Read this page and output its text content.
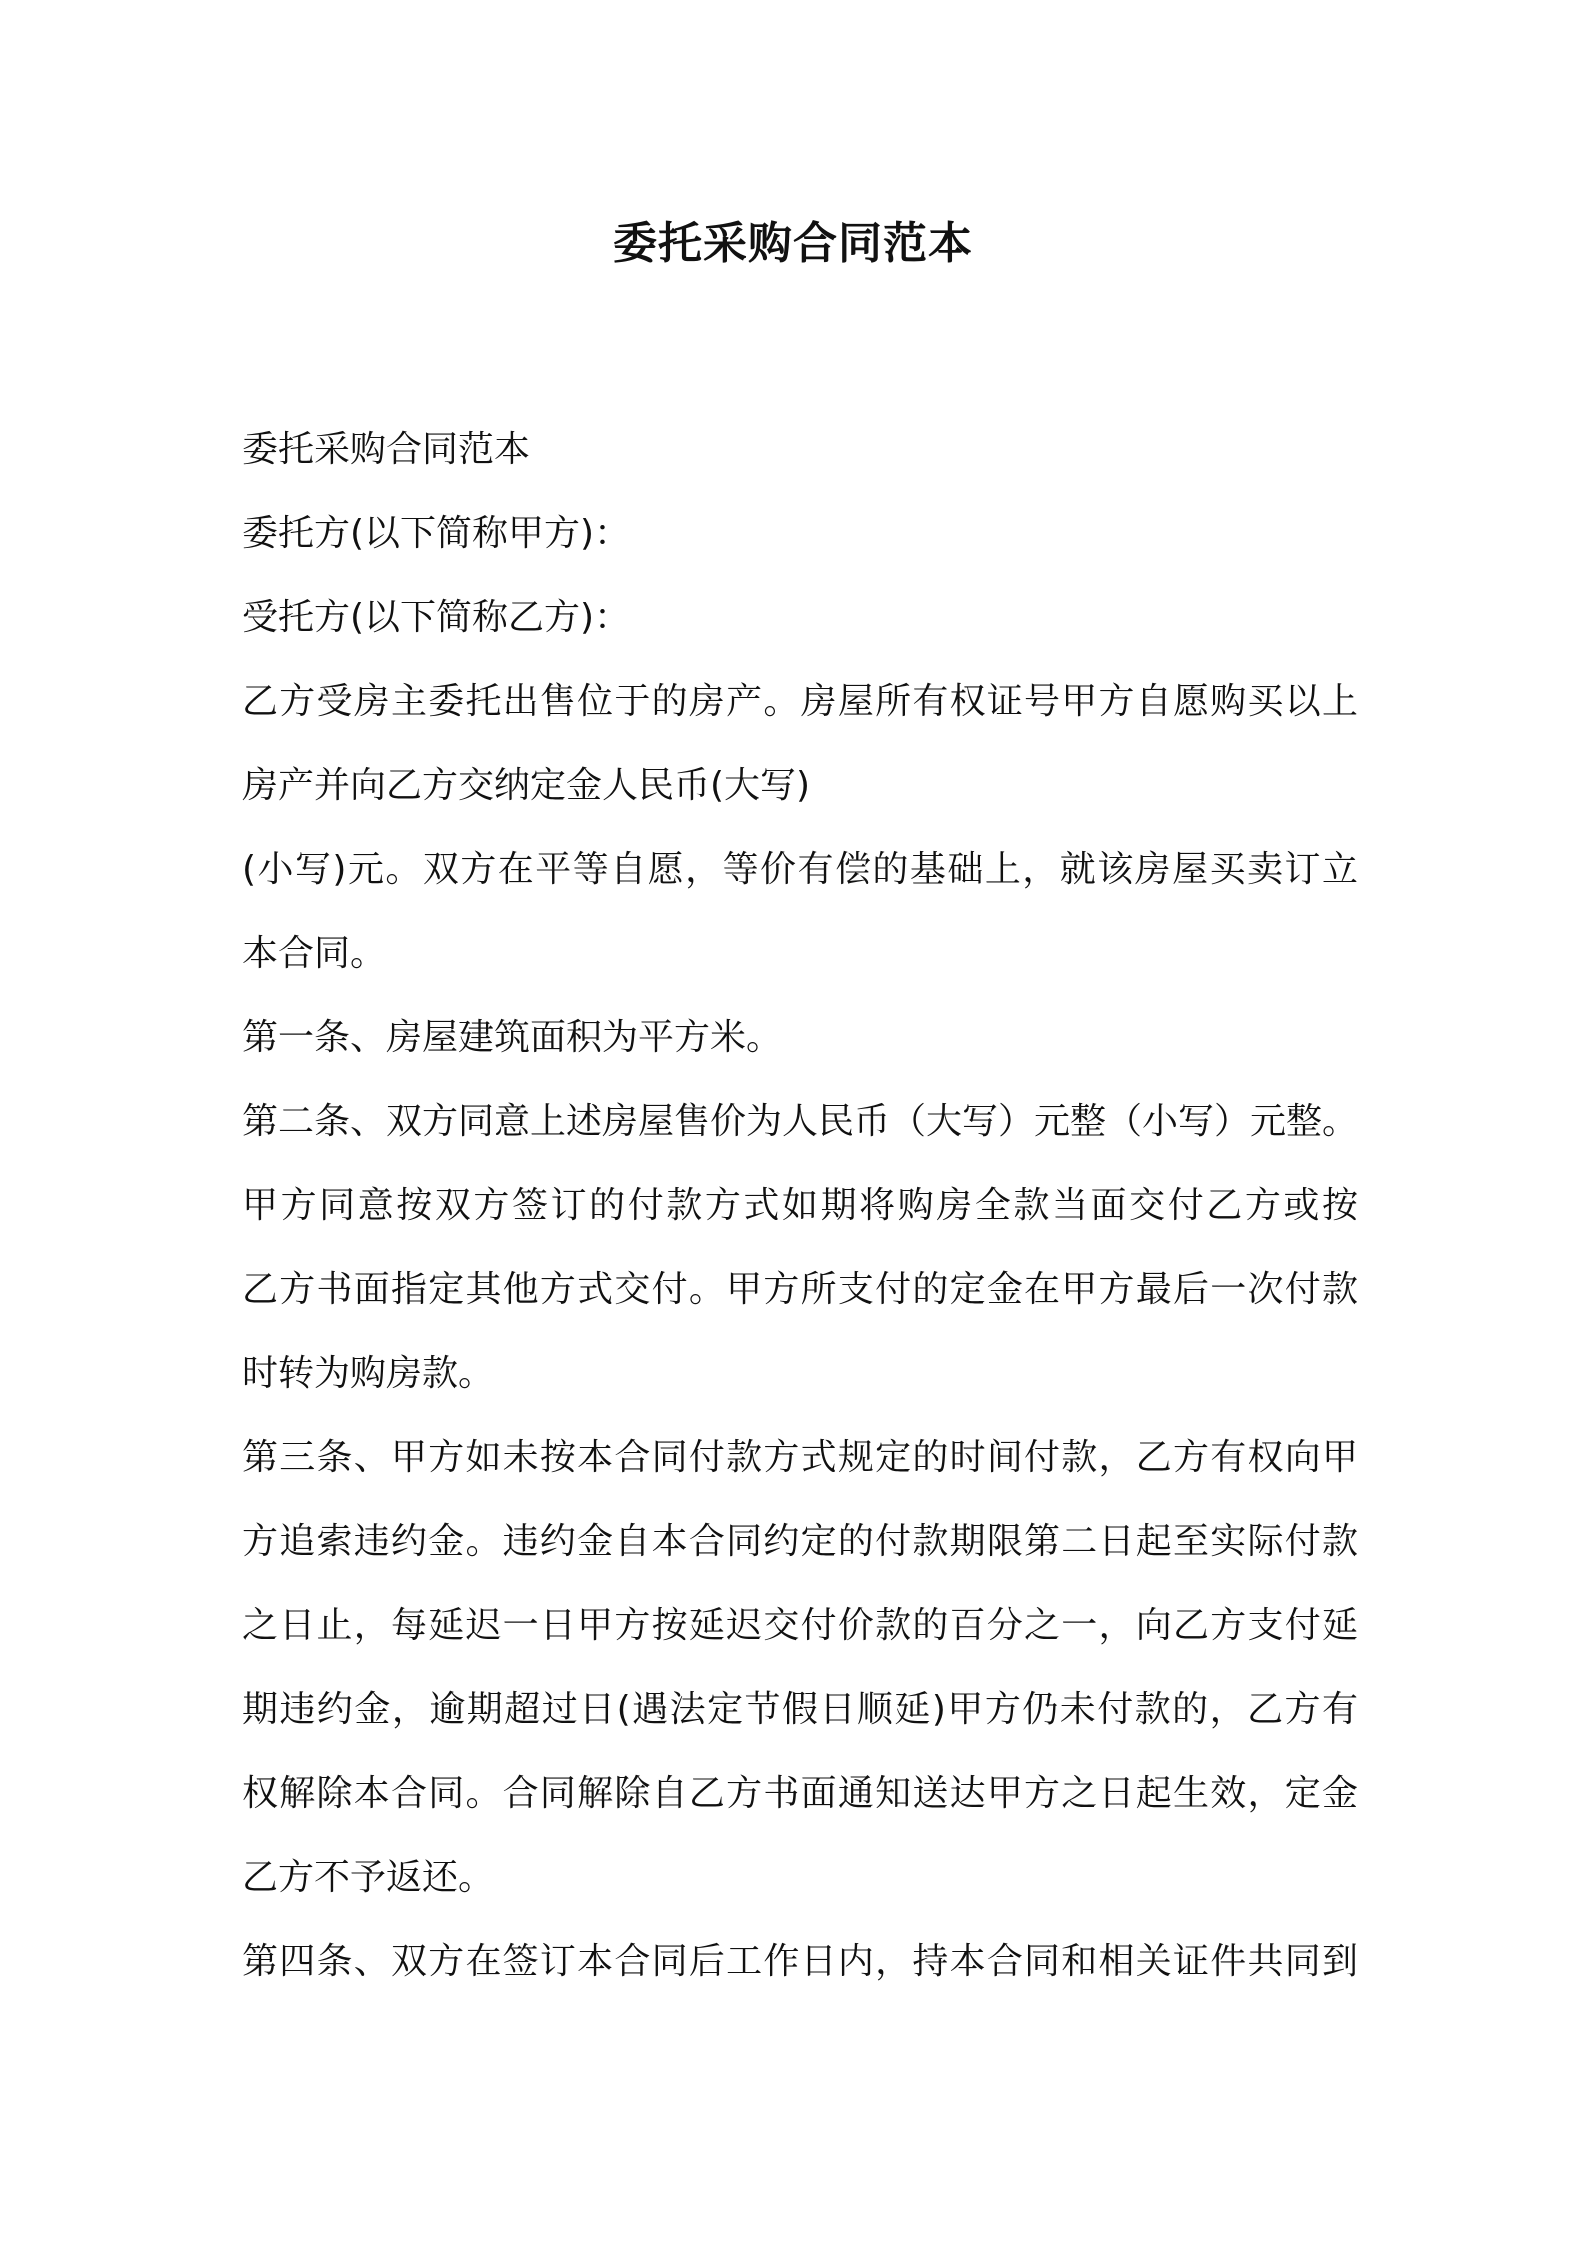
委托采购合同范本
委托采购合同范本
委托方(以下简称甲方)：
受托方(以下简称乙方)：
乙方受房主委托出售位于的房产。房屋所有权证号甲方自愿购买以上
房产并向乙方交纳定金人民币(大写)
(小写)元。双方在平等自愿，等价有偿的基础上，就该房屋买卖订立
本合同。
第一条、房屋建筑面积为平方米。
第二条、双方同意上述房屋售价为人民币（大写）元整（小写）元整。
甲方同意按双方签订的付款方式如期将购房全款当面交付乙方或按
乙方书面指定其他方式交付。甲方所支付的定金在甲方最后一次付款
时转为购房款。
第三条、甲方如未按本合同付款方式规定的时间付款，乙方有权向甲
方追索违约金。违约金自本合同约定的付款期限第二日起至实际付款
之日止，每延迟一日甲方按延迟交付价款的百分之一，向乙方支付延
期违约金，逾期超过日(遇法定节假日顺延)甲方仍未付款的，乙方有
权解除本合同。合同解除自乙方书面通知送达甲方之日起生效，定金
乙方不予返还。
第四条、双方在签订本合同后工作日内，持本合同和相关证件共同到
